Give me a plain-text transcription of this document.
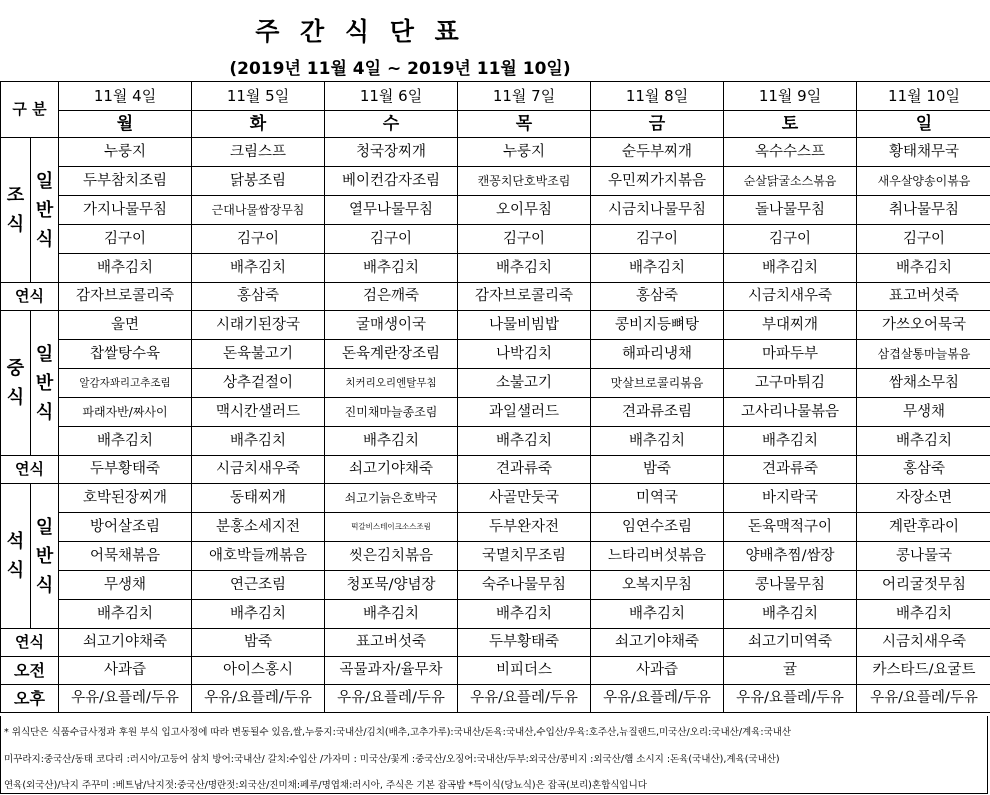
주 간 식 단 표
(2019년 11월 4일 ~ 2019년 11월 10일)
구 분		11월 4일	11월 5일	11월 6일	11월 7일	11월 8일	11월 9일	11월 10일
		월	화	수	목	금	토	일
조
식	일
반
식	누룽지	크림스프	청국장찌개	누룽지	순두부찌개	옥수수스프	황태채무국
		두부참치조림	닭봉조림	베이컨감자조림	캔꽁치단호박조림	우민찌가지볶음	순살닭굴소스볶음	새우살양송이볶음
		가지나물무침	근대나물쌈장무침	열무나물무침	오이무침	시금치나물무침	돌나물무침	취나물무침
		김구이	김구이	김구이	김구이	김구이	김구이	김구이
		배추김치	배추김치	배추김치	배추김치	배추김치	배추김치	배추김치
연식		감자브로콜리죽	홍삼죽	검은깨죽	감자브로콜리죽	홍삼죽	시금치새우죽	표고버섯죽
중
식	일
반
식	울면	시래기된장국	굴매생이국	나물비빔밥	콩비지등뼈탕	부대찌개	가쓰오어묵국
		찹쌀탕수육	돈육불고기	돈육계란장조림	나박김치	해파리냉채	마파두부	삼겹살통마늘볶음
		알감자꽈리고추조림	상추겉절이	치커리오리엔탈무침	소불고기	맛살브로콜리볶음	고구마튀김	쌈채소무침
		파래자반/짜사이	맥시칸샐러드	진미채마늘종조림	과일샐러드	견과류조림	고사리나물볶음	무생채
		배추김치	배추김치	배추김치	배추김치	배추김치	배추김치	배추김치
연식		두부황태죽	시금치새우죽	쇠고기야채죽	견과류죽	밤죽	견과류죽	홍삼죽
석
식	일
반
식	호박된장찌개	동태찌개	쇠고기늙은호박국	사골만둣국	미역국	바지락국	자장소면
		방어살조림	분홍소세지전	떡갈비스테이크소스조림	두부완자전	임연수조림	돈육맥적구이	계란후라이
		어묵채볶음	애호박들깨볶음	씻은김치볶음	국멸치무조림	느타리버섯볶음	양배추찜/쌈장	콩나물국
		무생채	연근조림	청포묵/양념장	숙주나물무침	오복지무침	콩나물무침	어리굴젓무침
		배추김치	배추김치	배추김치	배추김치	배추김치	배추김치	배추김치
연식		쇠고기야채죽	밤죽	표고버섯죽	두부황태죽	쇠고기야채죽	쇠고기미역죽	시금치새우죽
오전		사과즙	아이스홍시	곡물과자/율무차	비피더스	사과즙	귤	카스타드/요굴트
오후		우유/요플레/두유	우유/요플레/두유	우유/요플레/두유	우유/요플레/두유	우유/요플레/두유	우유/요플레/두유	우유/요플레/두유
* 위식단은 식품수급사정과 후원 부식 입고사정에 따라 변동될수 있음,쌀,누룽지:국내산/김치(배추,고추가루):국내산/돈육:국내산,수입산/우육:호주산,뉴질랜드,미국산/오리:국내산/계육:국내산
미꾸라지:중국산/동태 코다리 :러시아/고등어 삼치 방어:국내산/ 갈치:수입산 /가자미 : 미국산/꽃게 :중국산/오징어:국내산/두부:외국산/콩비지 :외국산/햄 소시지 :돈육(국내산),계육(국내산)
연육(외국산)/낙지 주꾸미 :베트남/낙지젓:중국산/명란젓:외국산/진미채:페루/명엽채:러시아, 주식은 기본 잡곡밥 *특이식(당뇨식)은 잡곡(보리)혼합식입니다
